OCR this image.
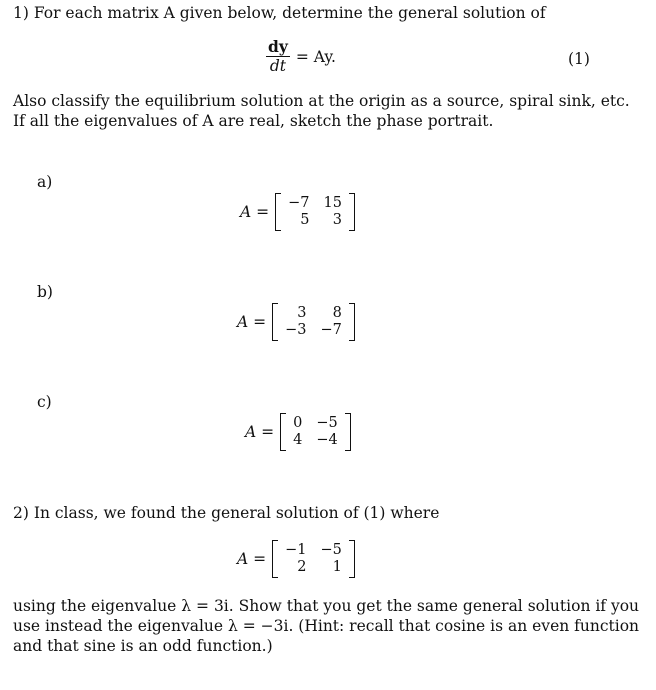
1) For each matrix A given below, determine the general solution of
$\frac{dy}{dt} = Ay$.	(1)
Also classify the equilibrium solution at the origin as a source, spiral sink, etc.
If all the eigenvalues of A are real, sketch the phase portrait.
a)
A = −7 15
5	3
b)
A =	3	8
−3 −7
c)
A = 0 −5
4 −4
2) In class, we found the general solution of (1) where
A = −1 −5
2	1
using the eigenvalue λ = 3i. Show that you get the same general solution if you
use instead the eigenvalue λ = −3i. (Hint: recall that cosine is an even function
and that sine is an odd function.)
